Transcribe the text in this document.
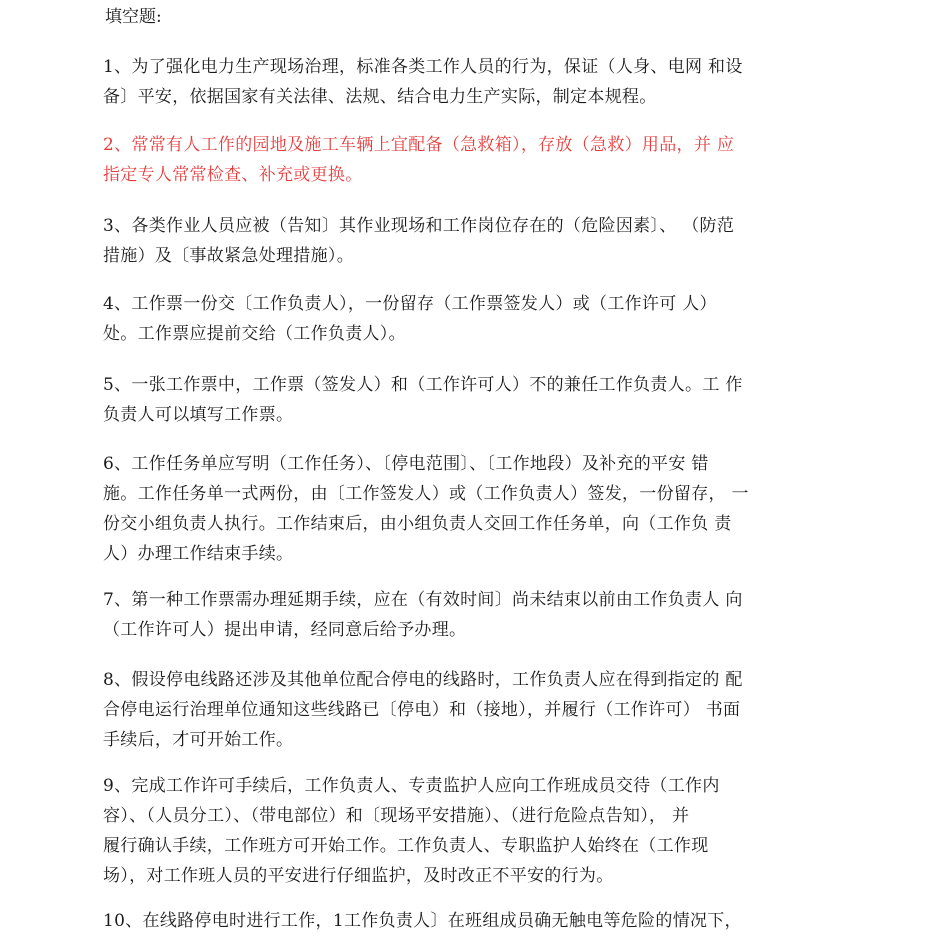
填空题:
1、为了强化电力生产现场治理，标准各类工作人员的行为，保证（人身、电网 和设
备〕平安，依据国家有关法律、法规、结合电力生产实际，制定本规程。
2、常常有人工作的园地及施工车辆上宜配备（急救箱），存放（急救）用品，并 应
指定专人常常检查、补充或更换。
3、各类作业人员应被（告知〕其作业现场和工作岗位存在的（危险因素〕、 （防范
措施）及〔事故紧急处理措施）。
4、工作票一份交〔工作负责人），一份留存（工作票签发人）或（工作许可 人）
处。工作票应提前交给（工作负责人）。
5、一张工作票中，工作票（签发人）和（工作许可人）不的兼任工作负责人。工 作
负责人可以填写工作票。
6、工作任务单应写明（工作任务）、〔停电范围〕、〔工作地段）及补充的平安 错
施。工作任务单一式两份，由〔工作签发人）或（工作负责人）签发，一份留存， 一
份交小组负责人执行。工作结束后，由小组负责人交回工作任务单，向（工作负 责
人）办理工作结束手续。
7、第一种工作票需办理延期手续，应在（有效时间〕尚未结束以前由工作负责人 向
（工作许可人）提出申请，经同意后给予办理。
8、假设停电线路还涉及其他单位配合停电的线路时，工作负责人应在得到指定的 配
合停电运行治理单位通知这些线路已〔停电）和（接地），并履行（工作许可） 书面
手续后，才可开始工作。
9、完成工作许可手续后，工作负责人、专责监护人应向工作班成员交待（工作内
容）、（人员分工）、（带电部位）和〔现场平安措施）、（进行危险点告知）， 并
履行确认手续，工作班方可开始工作。工作负责人、专职监护人始终在（工作现
场），对工作班人员的平安进行仔细监护，及时改正不平安的行为。
10、在线路停电时进行工作，1工作负责人〕在班组成员确无触电等危险的情况下，
